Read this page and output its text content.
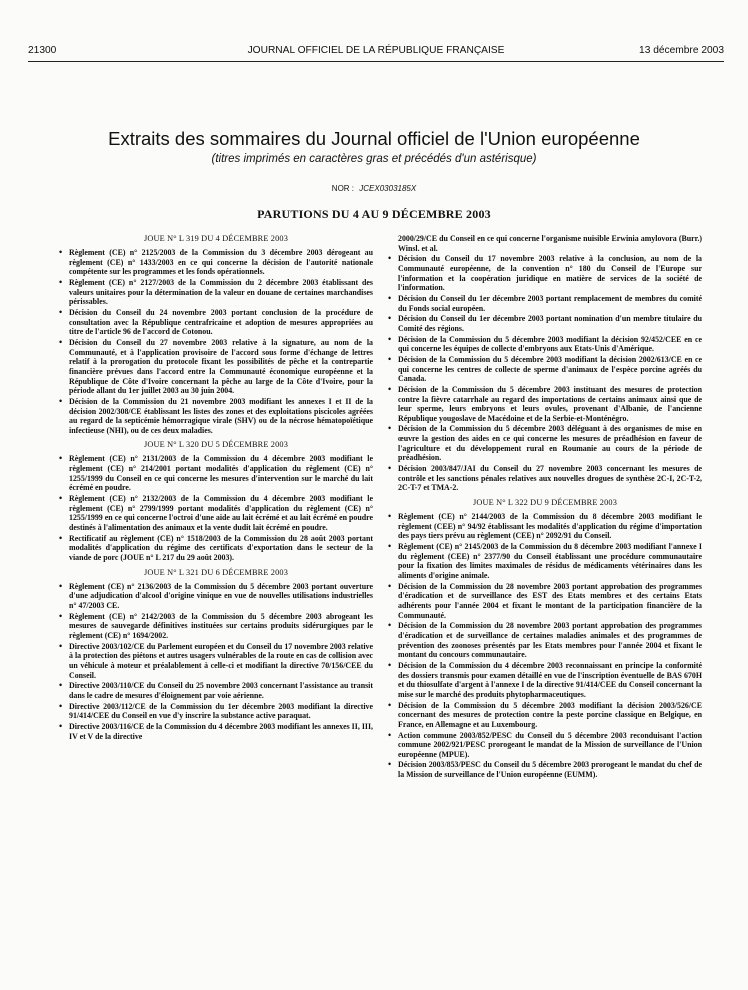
21300	JOURNAL OFFICIEL DE LA RÉPUBLIQUE FRANÇAISE	13 décembre 2003
Extraits des sommaires du Journal officiel de l'Union européenne
(titres imprimés en caractères gras et précédés d'un astérisque)
NOR : JCEX0303185X
PARUTIONS DU 4 AU 9 DÉCEMBRE 2003
JOUE N° L 319 DU 4 DÉCEMBRE 2003
• Règlement (CE) n° 2125/2003 de la Commission du 3 décembre 2003 dérogeant au règlement (CE) n° 1433/2003 en ce qui concerne la décision de l'autorité nationale compétente sur les programmes et les fonds opérationnels.
• Règlement (CE) n° 2127/2003 de la Commission du 2 décembre 2003 établissant des valeurs unitaires pour la détermination de la valeur en douane de certaines marchandises périssables.
• Décision du Conseil du 24 novembre 2003 portant conclusion de la procédure de consultation avec la République centrafricaine et adoption de mesures appropriées au titre de l'article 96 de l'accord de Cotonou.
• Décision du Conseil du 27 novembre 2003 relative à la signature, au nom de la Communauté, et à l'application provisoire de l'accord sous forme d'échange de lettres relatif à la prorogation du protocole fixant les possibilités de pêche et la contrepartie financière prévues dans l'accord entre la Communauté économique européenne et la République de Côte d'Ivoire concernant la pêche au large de la Côte d'Ivoire, pour la période allant du 1er juillet 2003 au 30 juin 2004.
• Décision de la Commission du 21 novembre 2003 modifiant les annexes I et II de la décision 2002/308/CE établissant les listes des zones et des exploitations piscicoles agréées au regard de la septicémie hémorragique virale (SHV) ou de la nécrose hématopoïétique infectieuse (NHI), ou de ces deux maladies.
JOUE N° L 320 DU 5 DÉCEMBRE 2003
• Règlement (CE) n° 2131/2003 de la Commission du 4 décembre 2003 modifiant le règlement (CE) n° 214/2001 portant modalités d'application du règlement (CE) n° 1255/1999 du Conseil en ce qui concerne les mesures d'intervention sur le marché du lait écrémé en poudre.
• Règlement (CE) n° 2132/2003 de la Commission du 4 décembre 2003 modifiant le règlement (CE) n° 2799/1999 portant modalités d'application du règlement (CE) n° 1255/1999 en ce qui concerne l'octroi d'une aide au lait écrémé et au lait écrémé en poudre destinés à l'alimentation des animaux et la vente dudit lait écrémé en poudre.
• Rectificatif au règlement (CE) n° 1518/2003 de la Commission du 28 août 2003 portant modalités d'application du régime des certificats d'exportation dans le secteur de la viande de porc (JOUE n° L 217 du 29 août 2003).
JOUE N° L 321 DU 6 DÉCEMBRE 2003
• Règlement (CE) n° 2136/2003 de la Commission du 5 décembre 2003 portant ouverture d'une adjudication d'alcool d'origine vinique en vue de nouvelles utilisations industrielles n° 47/2003 CE.
• Règlement (CE) n° 2142/2003 de la Commission du 5 décembre 2003 abrogeant les mesures de sauvegarde définitives instituées sur certains produits sidérurgiques par le règlement (CE) n° 1694/2002.
• Directive 2003/102/CE du Parlement européen et du Conseil du 17 novembre 2003 relative à la protection des piétons et autres usagers vulnérables de la route en cas de collision avec un véhicule à moteur et préalablement à celle-ci et modifiant la directive 70/156/CEE du Conseil.
• Directive 2003/110/CE du Conseil du 25 novembre 2003 concernant l'assistance au transit dans le cadre de mesures d'éloignement par voie aérienne.
• Directive 2003/112/CE de la Commission du 1er décembre 2003 modifiant la directive 91/414/CEE du Conseil en vue d'y inscrire la substance active paraquat.
• Directive 2003/116/CE de la Commission du 4 décembre 2003 modifiant les annexes II, III, IV et V de la directive
2000/29/CE du Conseil en ce qui concerne l'organisme nuisible Erwinia amylovora (Burr.) Winsl. et al.
• Décision du Conseil du 17 novembre 2003 relative à la conclusion, au nom de la Communauté européenne, de la convention n° 180 du Conseil de l'Europe sur l'information et la coopération juridique en matière de services de la société de l'information.
• Décision du Conseil du 1er décembre 2003 portant remplacement de membres du comité du Fonds social européen.
• Décision du Conseil du 1er décembre 2003 portant nomination d'un membre titulaire du Comité des régions.
• Décision de la Commission du 5 décembre 2003 modifiant la décision 92/452/CEE en ce qui concerne les équipes de collecte d'embryons aux Etats-Unis d'Amérique.
• Décision de la Commission du 5 décembre 2003 modifiant la décision 2002/613/CE en ce qui concerne les centres de collecte de sperme d'animaux de l'espèce porcine agréés du Canada.
• Décision de la Commission du 5 décembre 2003 instituant des mesures de protection contre la fièvre catarrhale au regard des importations de certains animaux ainsi que de leur sperme, leurs embryons et leurs ovules, provenant d'Albanie, de l'ancienne République yougoslave de Macédoine et de la Serbie-et-Monténégro.
• Décision de la Commission du 5 décembre 2003 déléguant à des organismes de mise en œuvre la gestion des aides en ce qui concerne les mesures de préadhésion en faveur de l'agriculture et du développement rural en Roumanie au cours de la période de préadhésion.
• Décision 2003/847/JAI du Conseil du 27 novembre 2003 concernant les mesures de contrôle et les sanctions pénales relatives aux nouvelles drogues de synthèse 2C-I, 2C-T-2, 2C-T-7 et TMA-2.
JOUE N° L 322 DU 9 DÉCEMBRE 2003
• Règlement (CE) n° 2144/2003 de la Commission du 8 décembre 2003 modifiant le règlement (CEE) n° 94/92 établissant les modalités d'application du régime d'importation des pays tiers prévu au règlement (CEE) n° 2092/91 du Conseil.
• Règlement (CE) n° 2145/2003 de la Commission du 8 décembre 2003 modifiant l'annexe I du règlement (CEE) n° 2377/90 du Conseil établissant une procédure communautaire pour la fixation des limites maximales de résidus de médicaments vétérinaires dans les aliments d'origine animale.
• Décision de la Commission du 28 novembre 2003 portant approbation des programmes d'éradication et de surveillance des EST des Etats membres et des certains Etats adhérents pour l'année 2004 et fixant le montant de la participation financière de la Communauté.
• Décision de la Commission du 28 novembre 2003 portant approbation des programmes d'éradication et de surveillance de certaines maladies animales et des programmes de prévention des zoonoses présentés par les Etats membres pour l'année 2004 et fixant le montant du concours communautaire.
• Décision de la Commission du 4 décembre 2003 reconnaissant en principe la conformité des dossiers transmis pour examen détaillé en vue de l'inscription éventuelle de BAS 670H et du thiosulfate d'argent à l'annexe I de la directive 91/414/CEE du Conseil concernant la mise sur le marché des produits phytopharmaceutiques.
• Décision de la Commission du 5 décembre 2003 modifiant la décision 2003/526/CE concernant des mesures de protection contre la peste porcine classique en Belgique, en France, en Allemagne et au Luxembourg.
• Action commune 2003/852/PESC du Conseil du 5 décembre 2003 reconduisant l'action commune 2002/921/PESC prorogeant le mandat de la Mission de surveillance de l'Union européenne (MPUE).
• Décision 2003/853/PESC du Conseil du 5 décembre 2003 prorogeant le mandat du chef de la Mission de surveillance de l'Union européenne (EUMM).
